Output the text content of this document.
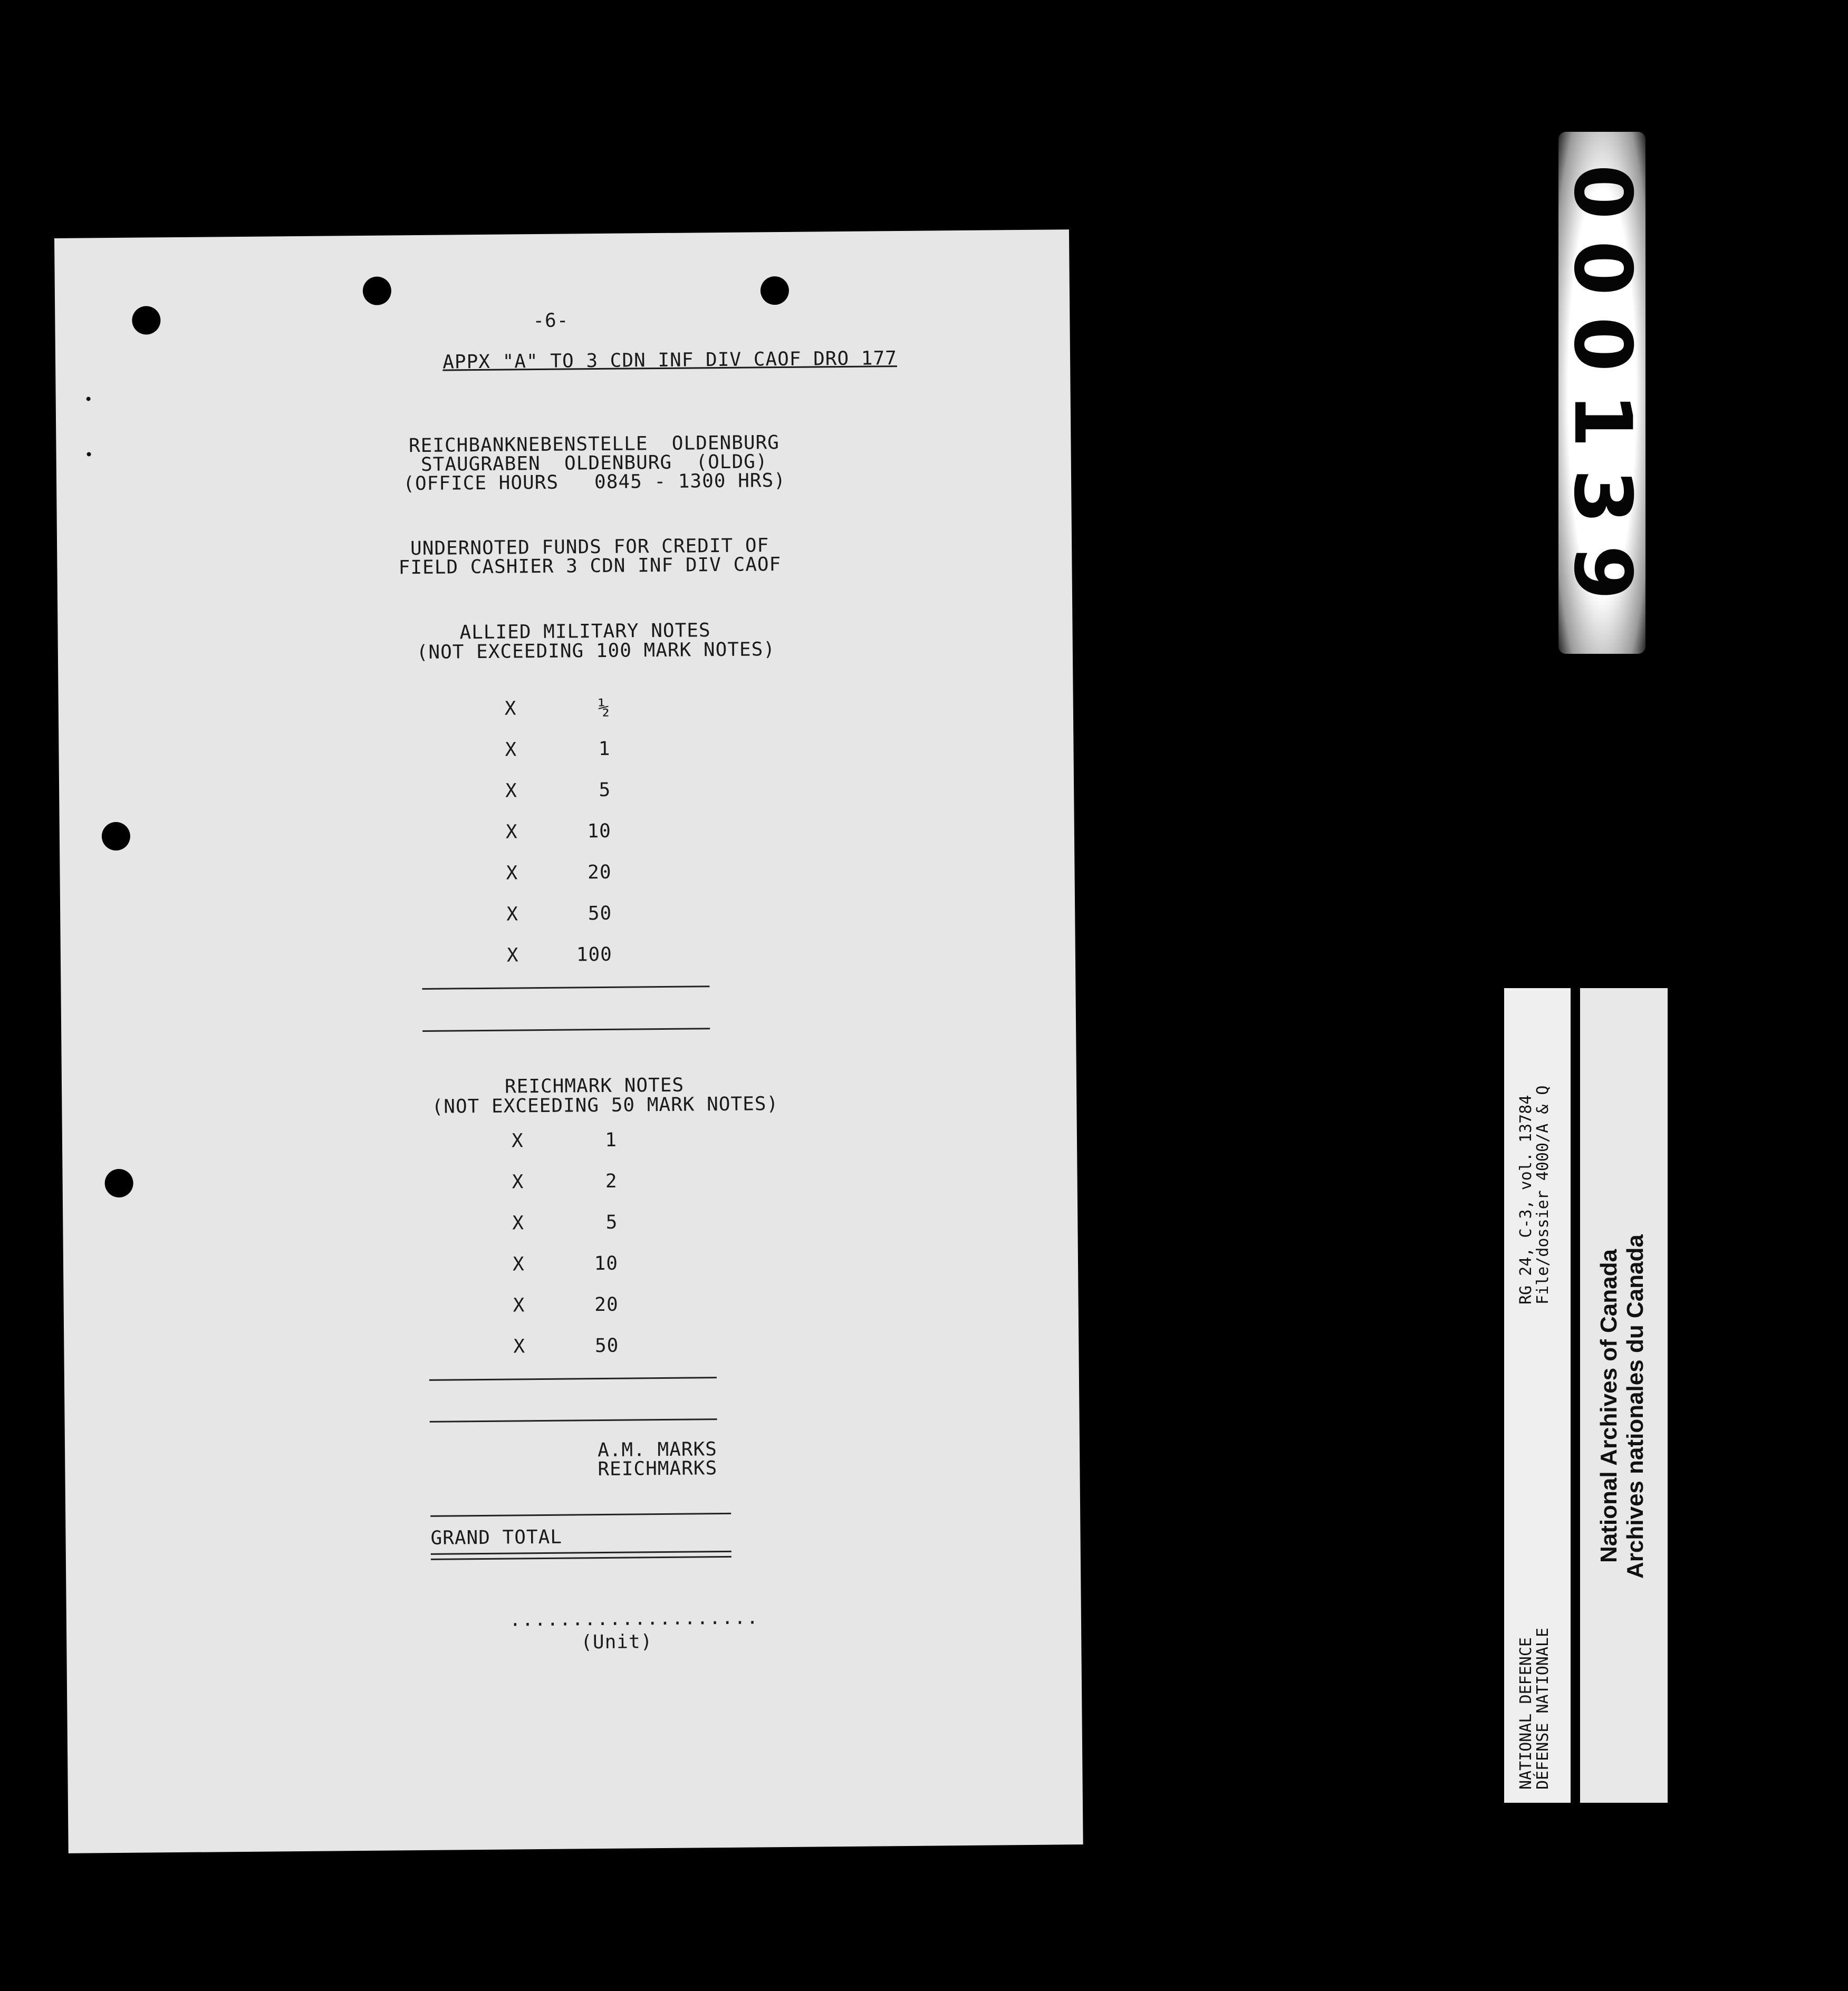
-6-
APPX "A" TO 3 CDN INF DIV CAOF DRO 177
REICHBANKNEBENSTELLE  OLDENBURG
STAUGRABEN  OLDENBURG  (OLDG)
(OFFICE HOURS   0845 - 1300 HRS)
UNDERNOTED FUNDS FOR CREDIT OF
FIELD CASHIER 3 CDN INF DIV CAOF
ALLIED MILITARY NOTES
(NOT EXCEEDING 100 MARK NOTES)
X	½
X	1
X	5
X	10
X	20
X	50
X	100
REICHMARK NOTES
(NOT EXCEEDING 50 MARK NOTES)
X	1
X	2
X	5
X	10
X	20
X	50
A.M. MARKS
REICHMARKS
GRAND TOTAL
....................
(Unit)
000139
NATIONAL DEFENCE
DÉFENSE NATIONALE
RG 24, C-3, vol. 13784
File/dossier 4000/A & Q
National Archives of Canada Archives nationales du Canada
